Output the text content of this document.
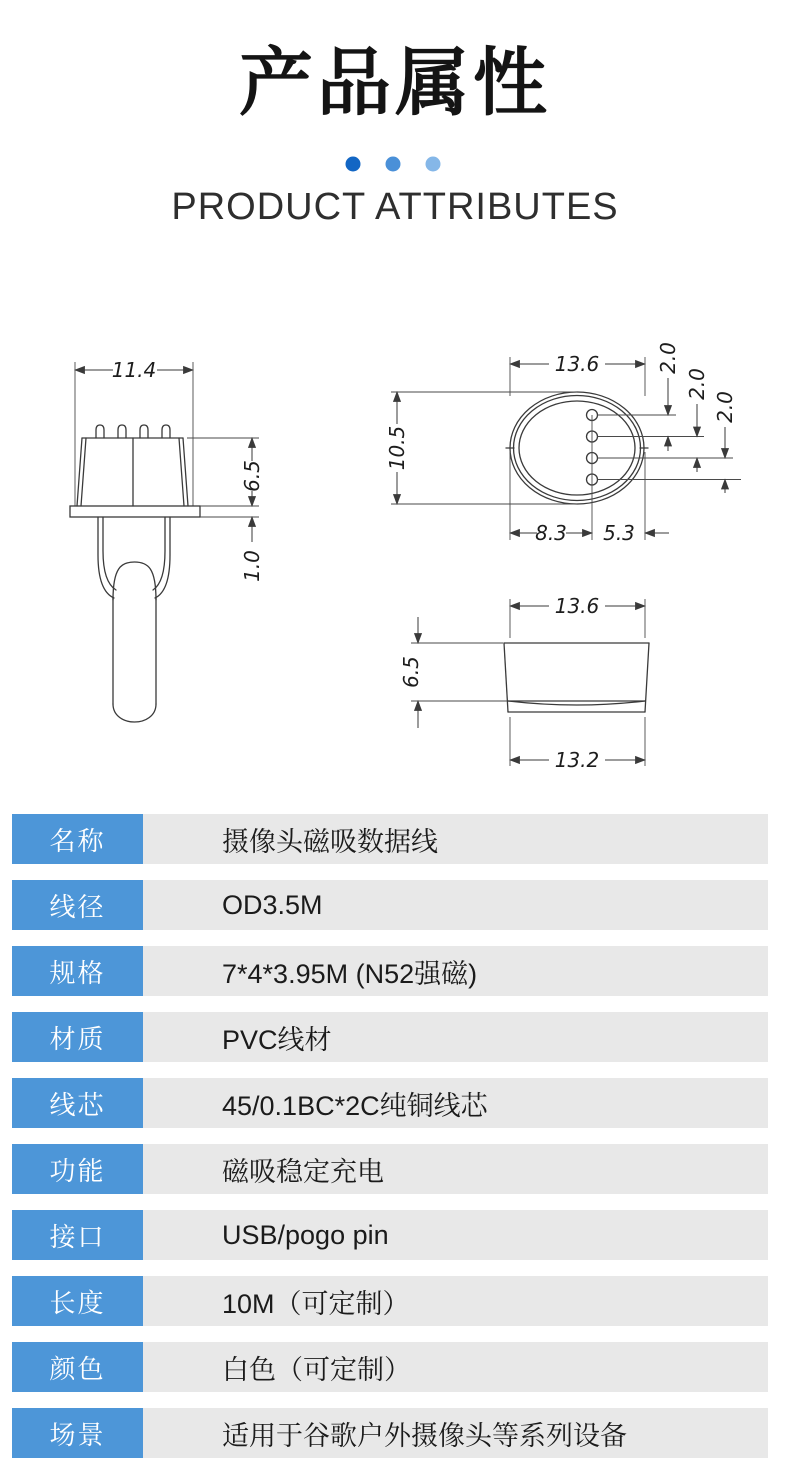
产品属性
PRODUCT ATTRIBUTES
11.4
6.5
1.0
13.6
10.5
2.0
2.0
2.0
8.3 5.3
13.6
6.5
13.2
名称	摄像头磁吸数据线
线径	OD3.5M
规格	7*4*3.95M (N52强磁)
材质	PVC线材
线芯	45/0.1BC*2C纯铜线芯
功能	磁吸稳定充电
接口	USB/pogo pin
长度	10M（可定制）
颜色	白色（可定制）
场景	适用于谷歌户外摄像头等系列设备
